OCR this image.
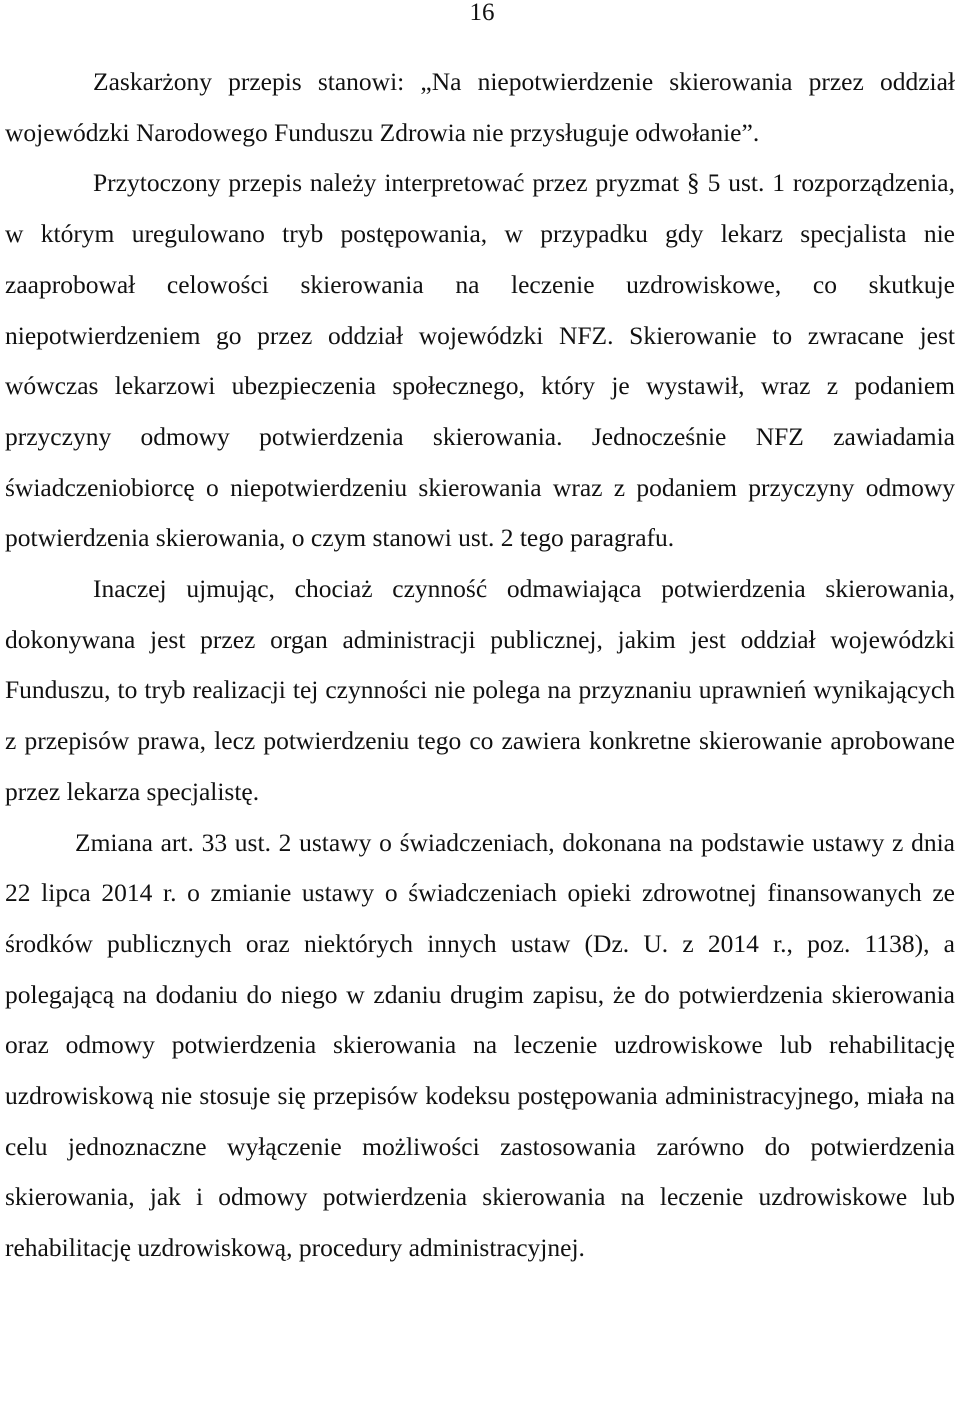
16

Zaskarżony przepis stanowi: „Na niepotwierdzenie skierowania przez oddział wojewódzki Narodowego Funduszu Zdrowia nie przysługuje odwołanie”.

Przytoczony przepis należy interpretować przez pryzmat § 5 ust. 1 rozporządzenia, w którym uregulowano tryb postępowania, w przypadku gdy lekarz specjalista nie zaaprobował celowości skierowania na leczenie uzdrowiskowe, co skutkuje niepotwierdzeniem go przez oddział wojewódzki NFZ. Skierowanie to zwracane jest wówczas lekarzowi ubezpieczenia społecznego, który je wystawił, wraz z podaniem przyczyny odmowy potwierdzenia skierowania. Jednocześnie NFZ zawiadamia świadczeniobiorcę o niepotwierdzeniu skierowania wraz z podaniem przyczyny odmowy potwierdzenia skierowania, o czym stanowi ust. 2 tego paragrafu.

Inaczej ujmując, chociaż czynność odmawiająca potwierdzenia skierowania, dokonywana jest przez organ administracji publicznej, jakim jest oddział wojewódzki Funduszu, to tryb realizacji tej czynności nie polega na przyznaniu uprawnień wynikających z przepisów prawa, lecz potwierdzeniu tego co zawiera konkretne skierowanie aprobowane przez lekarza specjalistę.

Zmiana art. 33 ust. 2 ustawy o świadczeniach, dokonana na podstawie ustawy z dnia 22 lipca 2014 r. o zmianie ustawy o świadczeniach opieki zdrowotnej finansowanych ze środków publicznych oraz niektórych innych ustaw (Dz. U. z 2014 r., poz. 1138), a polegającą na dodaniu do niego w zdaniu drugim zapisu, że do potwierdzenia skierowania oraz odmowy potwierdzenia skierowania na leczenie uzdrowiskowe lub rehabilitację uzdrowiskową nie stosuje się przepisów kodeksu postępowania administracyjnego, miała na celu jednoznaczne wyłączenie możliwości zastosowania zarówno do potwierdzenia skierowania, jak i odmowy potwierdzenia skierowania na leczenie uzdrowiskowe lub rehabilitację uzdrowiskową, procedury administracyjnej.
